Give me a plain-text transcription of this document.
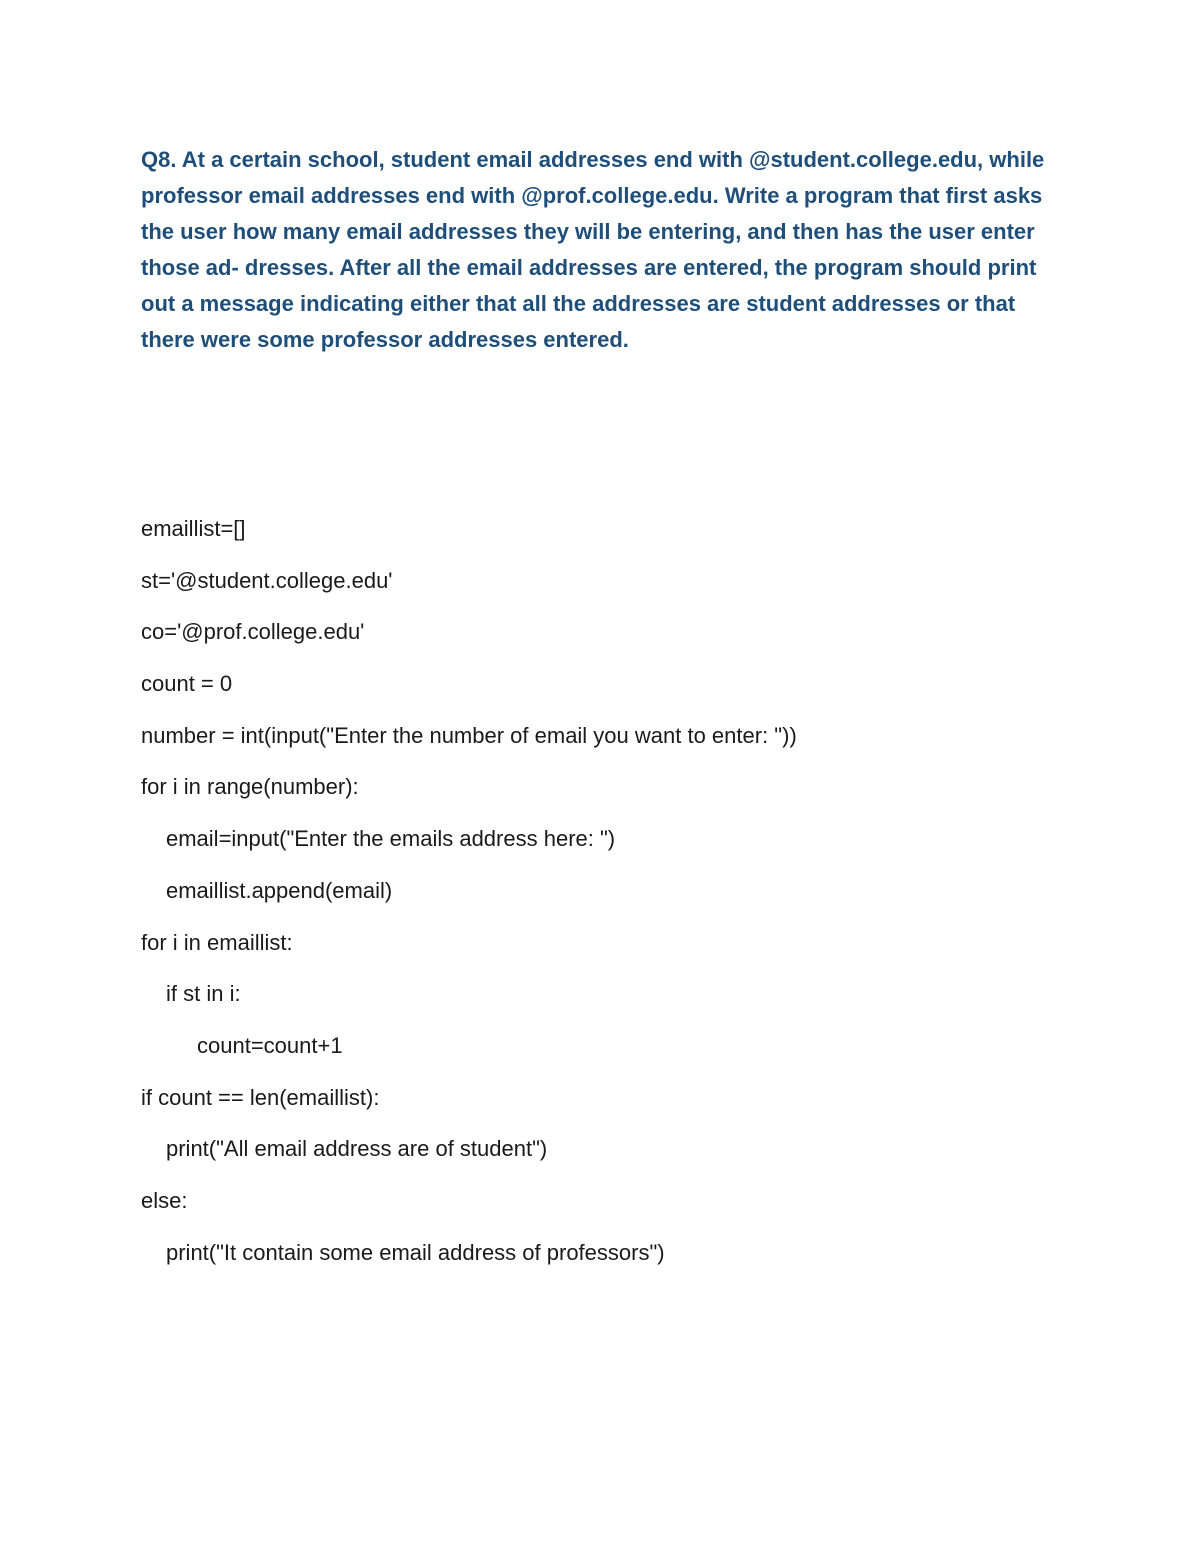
Q8. At a certain school, student email addresses end with @student.college.edu, while professor email addresses end with @prof.college.edu. Write a program that first asks the user how many email addresses they will be entering, and then has the user enter those ad- dresses. After all the email addresses are entered, the program should print out a message indicating either that all the addresses are student addresses or that there were some professor addresses entered.

emaillist=[]
st='@student.college.edu'
co='@prof.college.edu'
count = 0
number = int(input("Enter the number of email you want to enter: "))
for i in range(number):
email=input("Enter the emails address here: ")
emaillist.append(email)
for i in emaillist:
if st in i:
count=count+1
if count == len(emaillist):
print("All email address are of student")
else:
print("It contain some email address of professors")
